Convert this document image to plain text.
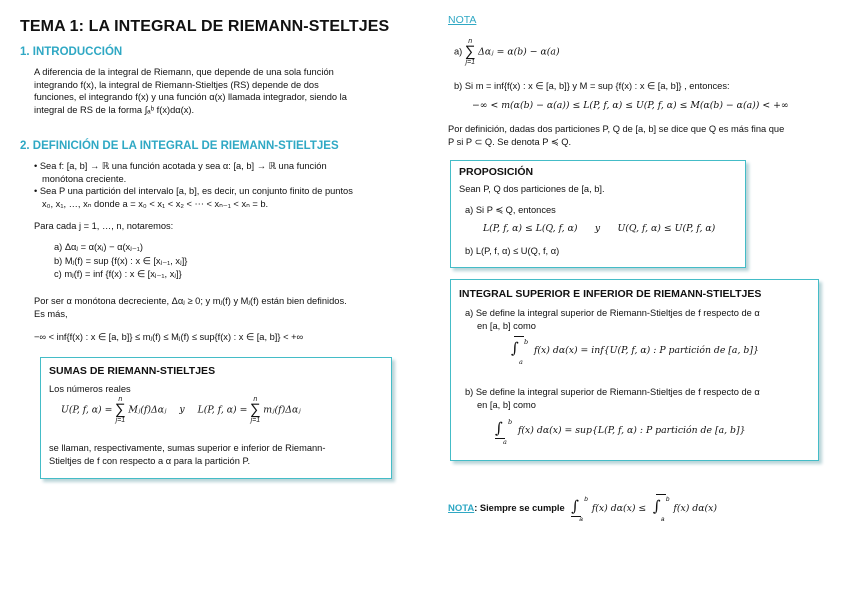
TEMA 1: LA INTEGRAL DE RIEMANN-STELTJES
1. INTRODUCCIÓN
A diferencia de la integral de Riemann, que depende de una sola función
integrando f(x), la integral de Riemann-Stieltjes (RS) depende de dos
funciones, el integrando f(x) y una función α(x) llamada integrador, siendo la
integral de RS de la forma ∫ₐᵇ f(x)dα(x).
2. DEFINICIÓN DE LA INTEGRAL DE RIEMANN-STIELTJES
• Sea f: [a, b] → ℝ una función acotada y sea α: [a, b] → ℝ una función
monótona creciente.
• Sea P una partición del intervalo [a, b], es decir, un conjunto finito de puntos
x₀, x₁, …, xₙ donde a = x₀ < x₁ < x₂ < ⋯ < xₙ₋₁ < xₙ = b.
Para cada j = 1, …, n, notaremos:
a) Δαⱼ = α(xⱼ) − α(xⱼ₋₁)
b) Mⱼ(f) = sup {f(x) : x ∈ [xⱼ₋₁, xⱼ]}
c) mⱼ(f) = inf {f(x) : x ∈ [xⱼ₋₁, xⱼ]}
Por ser α monótona decreciente, Δαⱼ ≥ 0; y mⱼ(f) y Mⱼ(f) están bien definidos.
Es más,
−∞ < inf{f(x) : x ∈ [a, b]} ≤ mⱼ(f) ≤ Mⱼ(f) ≤ sup{f(x) : x ∈ [a, b]} < +∞
SUMAS DE RIEMANN-STIELTJES
Los números reales
U(P, f, α) =
n
∑
j=1
Mⱼ(f)Δαⱼ y L(P, f, α) =
n
∑
j=1
mⱼ(f)Δαⱼ
se llaman, respectivamente, sumas superior e inferior de Riemann-
Stieltjes de f con respecto a α para la partición P.
NOTA
a)
n
∑
j=1
Δαⱼ = α(b) − α(a)
b) Si m = inf{f(x) : x ∈ [a, b]} y M = sup {f(x) : x ∈ [a, b]} , entonces:
−∞ < m(α(b) − α(a)) ≤ L(P, f, α) ≤ U(P, f, α) ≤ M(α(b) − α(a)) < +∞
Por definición, dadas dos particiones P, Q de [a, b] se dice que Q es más fina que
P si P ⊂ Q. Se denota P ≼ Q.
PROPOSICIÓN
Sean P, Q dos particiones de [a, b].
a) Si P ≼ Q, entonces
L(P, f, α) ≤ L(Q, f, α) y U(Q, f, α) ≤ U(P, f, α)
b) L(P, f, α) ≤ U(Q, f, α)
INTEGRAL SUPERIOR E INFERIOR DE RIEMANN-STIELTJES
a) Se define la integral superior de Riemann-Stieltjes de f respecto de α
en [a, b] como
∫ b
a
f(x) dα(x) = inf{U(P, f, α) : P partición de [a, b]}
b) Se define la integral superior de Riemann-Stieltjes de f respecto de α
en [a, b] como
∫ b
a
f(x) dα(x) = sup{L(P, f, α) : P partición de [a, b]}
NOTA: Siempre se cumple ∫ b
a
f(x) dα(x) ≤ ∫ b
a
f(x) dα(x)
